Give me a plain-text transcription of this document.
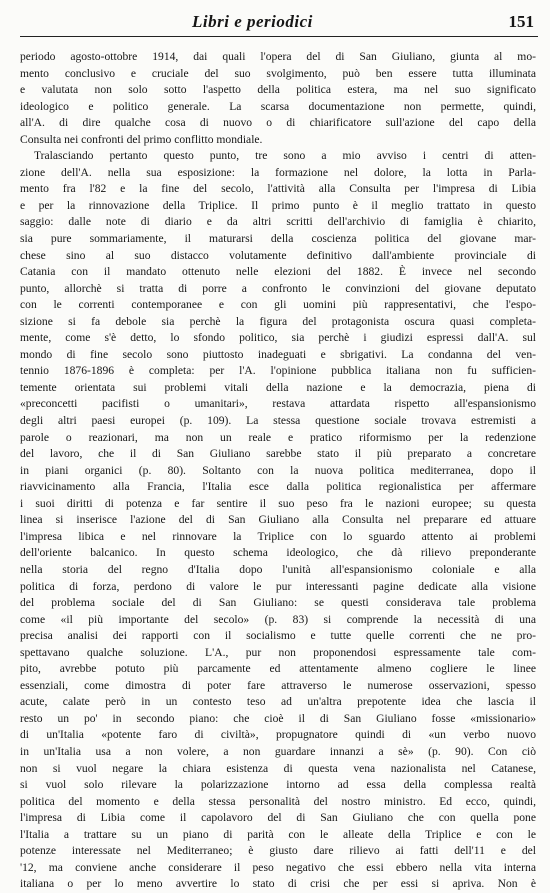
Libri e periodici	151
periodo agosto-ottobre 1914, dai quali l'opera del di San Giuliano, giunta al mo-
mento conclusivo e cruciale del suo svolgimento, può ben essere tutta illuminata
e valutata non solo sotto l'aspetto della politica estera, ma nel suo significato
ideologico e politico generale. La scarsa documentazione non permette, quindi,
all'A. di dire qualche cosa di nuovo o di chiarificatore sull'azione del capo della
Consulta nei confronti del primo conflitto mondiale.
Tralasciando pertanto questo punto, tre sono a mio avviso i centri di atten-
zione dell'A. nella sua esposizione: la formazione nel dolore, la lotta in Parla-
mento fra l'82 e la fine del secolo, l'attività alla Consulta per l'impresa di Libia
e per la rinnovazione della Triplice. Il primo punto è il meglio trattato in questo
saggio: dalle note di diario e da altri scritti dell'archivio di famiglia è chiarito,
sia pure sommariamente, il maturarsi della coscienza politica del giovane mar-
chese sino al suo distacco volutamente definitivo dall'ambiente provinciale di
Catania con il mandato ottenuto nelle elezioni del 1882. È invece nel secondo
punto, allorchè si tratta di porre a confronto le convinzioni del giovane deputato
con le correnti contemporanee e con gli uomini più rappresentativi, che l'espo-
sizione si fa debole sia perchè la figura del protagonista oscura quasi completa-
mente, come s'è detto, lo sfondo politico, sia perchè i giudizi espressi dall'A. sul
mondo di fine secolo sono piuttosto inadeguati e sbrigativi. La condanna del ven-
tennio 1876-1896 è completa: per l'A. l'opinione pubblica italiana non fu sufficien-
temente orientata sui problemi vitali della nazione e la democrazia, piena di
«preconcetti pacifisti o umanitari», restava attardata rispetto all'espansionismo
degli altri paesi europei (p. 109). La stessa questione sociale trovava estremisti a
parole o reazionari, ma non un reale e pratico riformismo per la redenzione
del lavoro, che il di San Giuliano sarebbe stato il più preparato a concretare
in piani organici (p. 80). Soltanto con la nuova politica mediterranea, dopo il
riavvicinamento alla Francia, l'Italia esce dalla politica regionalistica per affermare
i suoi diritti di potenza e far sentire il suo peso fra le nazioni europee; su questa
linea si inserisce l'azione del di San Giuliano alla Consulta nel preparare ed attuare
l'impresa libica e nel rinnovare la Triplice con lo sguardo attento ai problemi
dell'oriente balcanico. In questo schema ideologico, che dà rilievo preponderante
nella storia del regno d'Italia dopo l'unità all'espansionismo coloniale e alla
politica di forza, perdono di valore le pur interessanti pagine dedicate alla visione
del problema sociale del di San Giuliano: se questi considerava tale problema
come «il più importante del secolo» (p. 83) si comprende la necessità di una
precisa analisi dei rapporti con il socialismo e tutte quelle correnti che ne pro-
spettavano qualche soluzione. L'A., pur non proponendosi espressamente tale com-
pito, avrebbe potuto più parcamente ed attentamente almeno cogliere le linee
essenziali, come dimostra di poter fare attraverso le numerose osservazioni, spesso
acute, calate però in un contesto teso ad un'altra prepotente idea che lascia il
resto un po' in secondo piano: che cioè il di San Giuliano fosse «missionario»
di un'Italia «potente faro di civiltà», propugnatore quindi di «un verbo nuovo
in un'Italia usa a non volere, a non guardare innanzi a sè» (p. 90). Con ciò
non si vuol negare la chiara esistenza di questa vena nazionalista nel Catanese,
si vuol solo rilevare la polarizzazione intorno ad essa della complessa realtà
politica del momento e della stessa personalità del nostro ministro. Ed ecco, quindi,
l'impresa di Libia come il capolavoro del di San Giuliano che con quella pone
l'Italia a trattare su un piano di parità con le alleate della Triplice e con le
potenze interessate nel Mediterraneo; è giusto dare rilievo ai fatti dell'11 e del
'12, ma conviene anche considerare il peso negativo che essi ebbero nella vita interna
italiana o per lo meno avvertire lo stato di crisi che per essi si apriva. Non è
